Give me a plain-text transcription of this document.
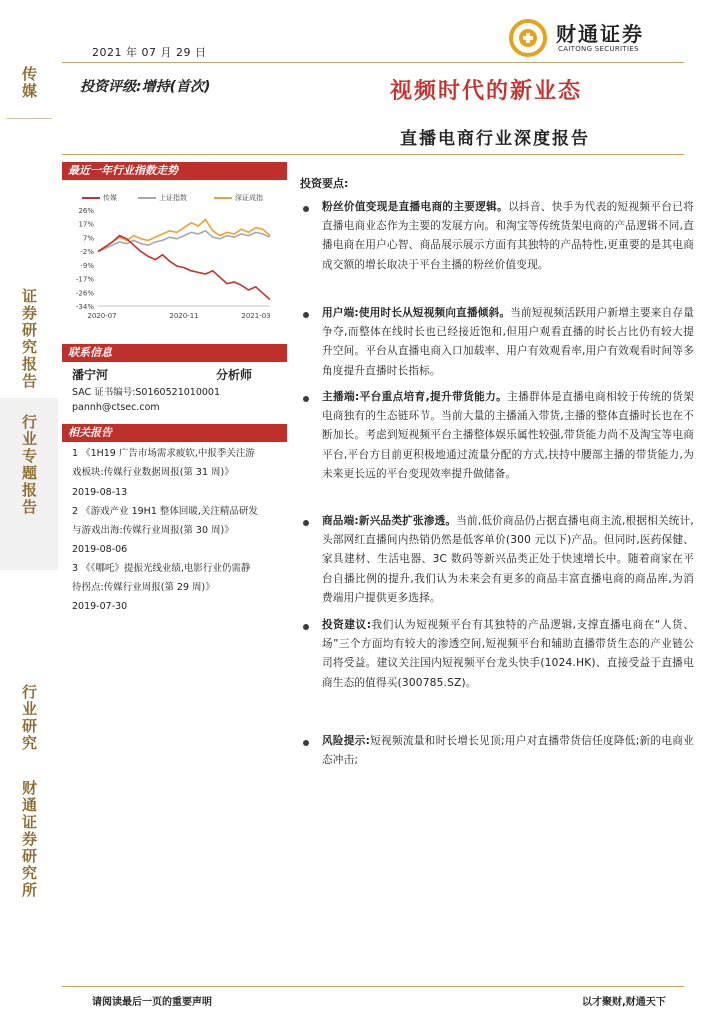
传媒
证券研究报告
行业专题报告
行业研究
财通证券研究所
2021 年 07 月 29 日
财通证券
CAITONG SECURITIES
投资评级:增持(首次)	视频时代的新业态
直播电商行业深度报告
最近一年行业指数走势
传媒	上证指数	深证成指
26%
17%
7%
-2%
-9%
-17%
-26%
-34%
2020-07	2020-11	2021-03
联系信息
潘宁河	分析师
SAC 证书编号:S0160521010001
pannh@ctsec.com
相关报告
1 《1H19 广告市场需求疲软,中报季关注游
戏板块:传媒行业数据周报(第 31 周)》
2019-08-13
2 《游戏产业 19H1 整体回暖,关注精品研发
与游戏出海:传媒行业周报(第 30 周)》
2019-08-06
3 《《哪吒》提振光线业绩,电影行业仍需静
待拐点:传媒行业周报(第 29 周)》
2019-07-30
投资要点:
粉丝价值变现是直播电商的主要逻辑。以抖音、快手为代表的短视频平台已将直播电商业态作为主要的发展方向。和淘宝等传统货架电商的产品逻辑不同,直播电商在用户心智、商品展示展示方面有其独特的产品特性,更重要的是其电商成交额的增长取决于平台主播的粉丝价值变现。
用户端:使用时长从短视频向直播倾斜。当前短视频活跃用户新增主要来自存量争夺,而整体在线时长也已经接近饱和,但用户观看直播的时长占比仍有较大提升空间。平台从直播电商入口加载率、用户有效观看率,用户有效观看时间等多角度提升直播时长指标。
主播端:平台重点培育,提升带货能力。主播群体是直播电商相较于传统的货架电商独有的生态链环节。当前大量的主播涌入带货,主播的整体直播时长也在不断加长。考虑到短视频平台主播整体娱乐属性较强,带货能力尚不及淘宝等电商平台,平台方目前更积极地通过流量分配的方式,扶持中腰部主播的带货能力,为未来更长远的平台变现效率提升做储备。
商品端:新兴品类扩张渗透。当前,低价商品仍占据直播电商主流,根据相关统计,头部网红直播间内热销仍然是低客单价(300 元以下)产品。但同时,医药保健、家具建材、生活电器、3C 数码等新兴品类正处于快速增长中。随着商家在平台自播比例的提升,我们认为未来会有更多的商品丰富直播电商的商品库,为消费端用户提供更多选择。
投资建议:我们认为短视频平台有其独特的产品逻辑,支撑直播电商在“人货、场”三个方面均有较大的渗透空间,短视频平台和辅助直播带货生态的产业链公司将受益。建议关注国内短视频平台龙头快手(1024.HK)、直接受益于直播电商生态的值得买(300785.SZ)。
风险提示:短视频流量和时长增长见顶;用户对直播带货信任度降低;新的电商业态冲击;
请阅读最后一页的重要声明	以才聚财,财通天下
